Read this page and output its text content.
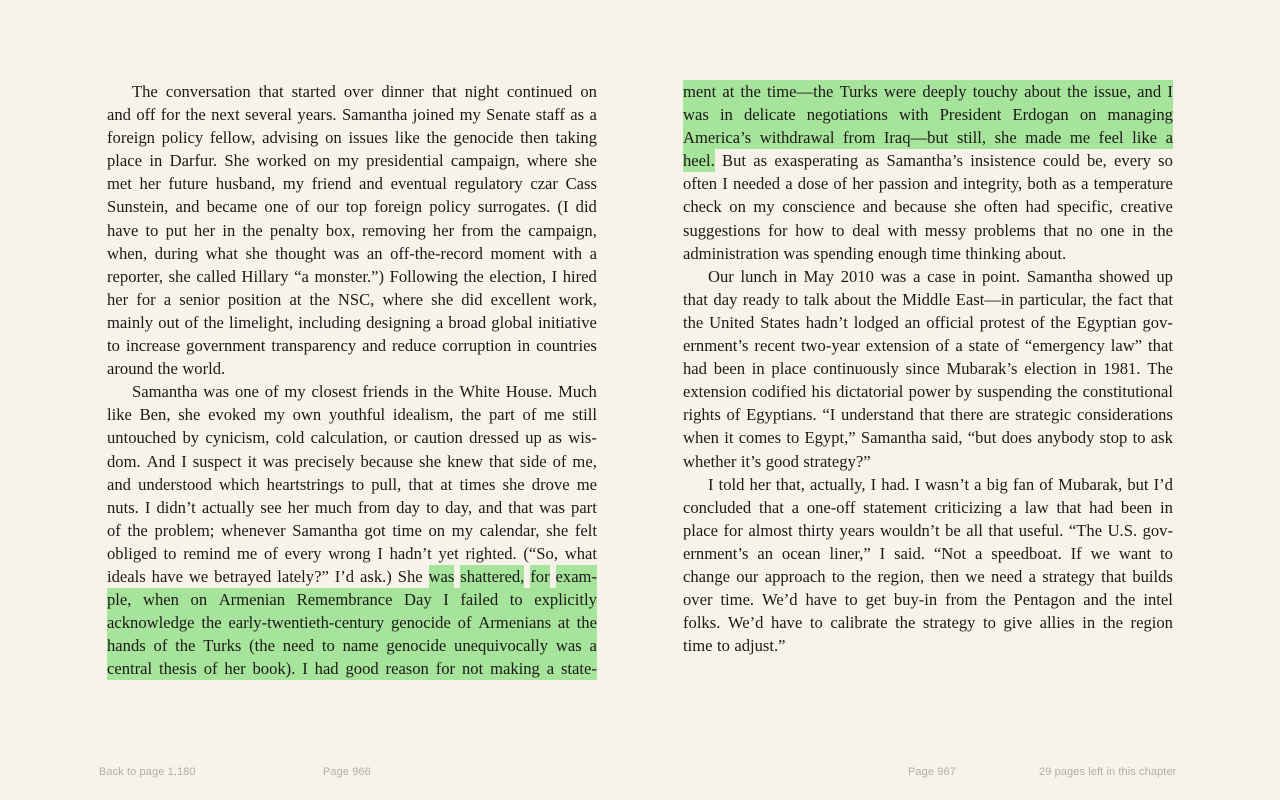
The conversation that started over dinner that night continued on
and off for the next several years. Samantha joined my Senate staff as a
foreign policy fellow, advising on issues like the genocide then taking
place in Darfur. She worked on my presidential campaign, where she
met her future husband, my friend and eventual regulatory czar Cass
Sunstein, and became one of our top foreign policy surrogates. (I did
have to put her in the penalty box, removing her from the campaign,
when, during what she thought was an off-the-record moment with a
reporter, she called Hillary “a monster.”) Following the election, I hired
her for a senior position at the NSC, where she did excellent work,
mainly out of the limelight, including designing a broad global initiative
to increase government transparency and reduce corruption in countries
around the world.
Samantha was one of my closest friends in the White House. Much
like Ben, she evoked my own youthful idealism, the part of me still
untouched by cynicism, cold calculation, or caution dressed up as wis-
dom. And I suspect it was precisely because she knew that side of me,
and understood which heartstrings to pull, that at times she drove me
nuts. I didn’t actually see her much from day to day, and that was part
of the problem; whenever Samantha got time on my calendar, she felt
obliged to remind me of every wrong I hadn’t yet righted. (“So, what
ideals have we betrayed lately?” I’d ask.) She was shattered, for exam-
ple, when on Armenian Remembrance Day I failed to explicitly
acknowledge the early-twentieth-century genocide of Armenians at the
hands of the Turks (the need to name genocide unequivocally was a
central thesis of her book). I had good reason for not making a state-
ment at the time—the Turks were deeply touchy about the issue, and I
was in delicate negotiations with President Erdogan on managing
America’s withdrawal from Iraq—but still, she made me feel like a
heel. But as exasperating as Samantha’s insistence could be, every so
often I needed a dose of her passion and integrity, both as a temperature
check on my conscience and because she often had specific, creative
suggestions for how to deal with messy problems that no one in the
administration was spending enough time thinking about.
Our lunch in May 2010 was a case in point. Samantha showed up
that day ready to talk about the Middle East—in particular, the fact that
the United States hadn’t lodged an official protest of the Egyptian gov-
ernment’s recent two-year extension of a state of “emergency law” that
had been in place continuously since Mubarak’s election in 1981. The
extension codified his dictatorial power by suspending the constitutional
rights of Egyptians. “I understand that there are strategic considerations
when it comes to Egypt,” Samantha said, “but does anybody stop to ask
whether it’s good strategy?”
I told her that, actually, I had. I wasn’t a big fan of Mubarak, but I’d
concluded that a one-off statement criticizing a law that had been in
place for almost thirty years wouldn’t be all that useful. “The U.S. gov-
ernment’s an ocean liner,” I said. “Not a speedboat. If we want to
change our approach to the region, then we need a strategy that builds
over time. We’d have to get buy-in from the Pentagon and the intel
folks. We’d have to calibrate the strategy to give allies in the region
time to adjust.”
Back to page 1,180	Page 966	Page 967	29 pages left in this chapter
